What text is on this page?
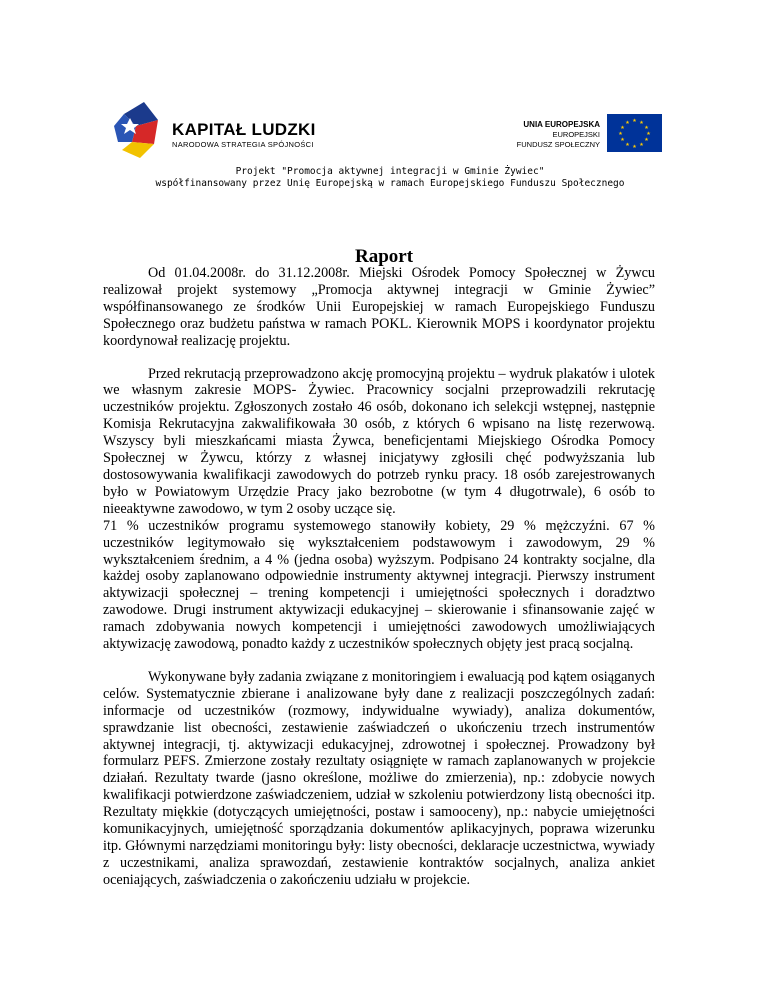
KAPITAŁ LUDZKI
NARODOWA STRATEGIA SPÓJNOŚCI
UNIA EUROPEJSKA
EUROPEJSKI
FUNDUSZ SPOŁECZNY
★ ★
★
★
★
★
★
★
★
★
★
★
Projekt "Promocja aktywnej integracji w Gminie Żywiec"
współfinansowany przez Unię Europejską w ramach Europejskiego Funduszu Społecznego
Raport

Od 01.04.2008r. do 31.12.2008r. Miejski Ośrodek Pomocy Społecznej w Żywcu realizował projekt systemowy „Promocja aktywnej integracji w Gminie Żywiec” współfinansowanego ze środków Unii Europejskiej w ramach Europejskiego Funduszu Społecznego oraz budżetu państwa w ramach POKL. Kierownik MOPS i koordynator projektu koordynował realizację projektu.

Przed rekrutacją przeprowadzono akcję promocyjną projektu – wydruk plakatów i ulotek we własnym zakresie MOPS- Żywiec. Pracownicy socjalni przeprowadzili rekrutację uczestników projektu. Zgłoszonych zostało 46 osób, dokonano ich selekcji wstępnej, następnie Komisja Rekrutacyjna zakwalifikowała 30 osób, z których 6 wpisano na listę rezerwową. Wszyscy byli mieszkańcami miasta Żywca, beneficjentami Miejskiego Ośrodka Pomocy Społecznej w Żywcu, którzy z własnej inicjatywy zgłosili chęć podwyższania lub dostosowywania kwalifikacji zawodowych do potrzeb rynku pracy. 18 osób zarejestrowanych było w Powiatowym Urzędzie Pracy jako bezrobotne (w tym 4 długotrwale), 6 osób to nieeaktywne zawodowo, w tym 2 osoby uczące się.

71 % uczestników programu systemowego stanowiły kobiety, 29 % mężczyźni. 67 % uczestników legitymowało się wykształceniem podstawowym i zawodowym, 29 % wykształceniem średnim, a 4 % (jedna osoba) wyższym. Podpisano 24 kontrakty socjalne, dla każdej osoby zaplanowano odpowiednie instrumenty aktywnej integracji. Pierwszy instrument aktywizacji społecznej – trening kompetencji i umiejętności społecznych i doradztwo zawodowe. Drugi instrument aktywizacji edukacyjnej – skierowanie i sfinansowanie zajęć w ramach zdobywania nowych kompetencji i umiejętności zawodowych umożliwiających aktywizację zawodową, ponadto każdy z uczestników społecznych objęty jest pracą socjalną.

Wykonywane były zadania związane z monitoringiem i ewaluacją pod kątem osiąganych celów. Systematycznie zbierane i analizowane były dane z realizacji poszczególnych zadań: informacje od uczestników (rozmowy, indywidualne wywiady), analiza dokumentów, sprawdzanie list obecności, zestawienie zaświadczeń o ukończeniu trzech instrumentów aktywnej integracji, tj. aktywizacji edukacyjnej, zdrowotnej i społecznej. Prowadzony był formularz PEFS. Zmierzone zostały rezultaty osiągnięte w ramach zaplanowanych w projekcie działań. Rezultaty twarde (jasno określone, możliwe do zmierzenia), np.: zdobycie nowych kwalifikacji potwierdzone zaświadczeniem, udział w szkoleniu potwierdzony listą obecności itp. Rezultaty miękkie (dotyczących umiejętności, postaw i samooceny), np.: nabycie umiejętności komunikacyjnych, umiejętność sporządzania dokumentów aplikacyjnych, poprawa wizerunku itp. Głównymi narzędziami monitoringu były: listy obecności, deklaracje uczestnictwa, wywiady z uczestnikami, analiza sprawozdań, zestawienie kontraktów socjalnych, analiza ankiet oceniających, zaświadczenia o zakończeniu udziału w projekcie.
